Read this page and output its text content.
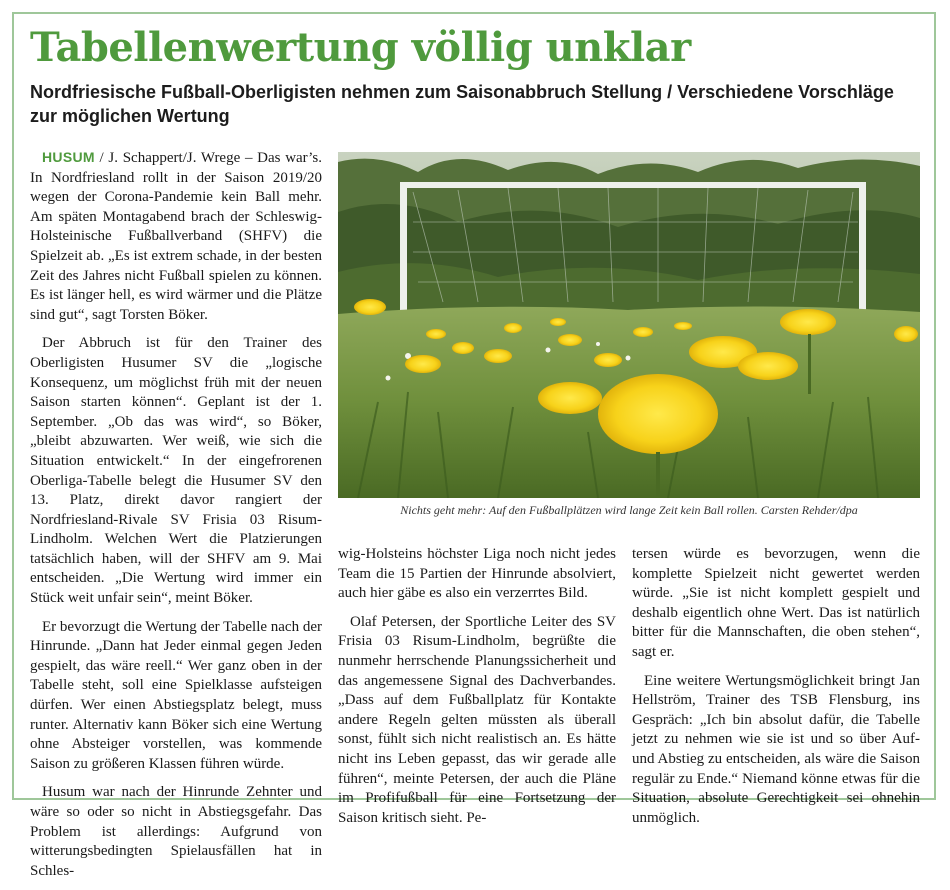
Tabellenwertung völlig unklar
Nordfriesische Fußball-Oberligisten nehmen zum Saisonabbruch Stellung / Verschiedene Vorschläge zur möglichen Wertung

HUSUM / J. Schappert/J. Wrege – Das war’s. In Nordfriesland rollt in der Saison 2019/20 wegen der Corona-Pandemie kein Ball mehr. Am späten Montagabend brach der Schleswig-Holsteinische Fußballverband (SHFV) die Spielzeit ab. „Es ist extrem schade, in der besten Zeit des Jahres nicht Fußball spielen zu können. Es ist länger hell, es wird wärmer und die Plätze sind gut“, sagt Torsten Böker.

Der Abbruch ist für den Trainer des Oberligisten Husumer SV die „logische Konsequenz, um möglichst früh mit der neuen Saison starten können“. Geplant ist der 1. September. „Ob das was wird“, so Böker, „bleibt abzuwarten. Wer weiß, wie sich die Situation entwickelt.“ In der eingefrorenen Oberliga-Tabelle belegt die Husumer SV den 13. Platz, direkt davor rangiert der Nordfriesland-Rivale SV Frisia 03 Risum-Lindholm. Welchen Wert die Platzierungen tatsächlich haben, will der SHFV am 9. Mai entscheiden. „Die Wertung wird immer ein Stück weit unfair sein“, meint Böker.

Er bevorzugt die Wertung der Tabelle nach der Hinrunde. „Dann hat Jeder einmal gegen Jeden gespielt, das wäre reell.“ Wer ganz oben in der Tabelle steht, soll eine Spielklasse aufsteigen dürfen. Wer einen Abstiegsplatz belegt, muss runter. Alternativ kann Böker sich eine Wertung ohne Absteiger vorstellen, was kommende Saison zu größeren Klassen führen würde.

Husum war nach der Hinrunde Zehnter und wäre so oder so nicht in Abstiegsgefahr. Das Problem ist allerdings: Aufgrund von witterungsbedingten Spielausfällen hat in Schles-

Nichts geht mehr: Auf den Fußballplätzen wird lange Zeit kein Ball rollen. Carsten Rehder/dpa

wig-Holsteins höchster Liga noch nicht jedes Team die 15 Partien der Hinrunde absolviert, auch hier gäbe es also ein verzerrtes Bild.

Olaf Petersen, der Sportliche Leiter des SV Frisia 03 Risum-Lindholm, begrüßte die nunmehr herrschende Planungssicherheit und das angemessene Signal des Dachverbandes. „Dass auf dem Fußballplatz für Kontakte andere Regeln gelten müssten als überall sonst, fühlt sich nicht realistisch an. Es hätte nicht ins Leben gepasst, das wir gerade alle führen“, meinte Petersen, der auch die Pläne im Profifußball für eine Fortsetzung der Saison kritisch sieht. Pe-

tersen würde es bevorzugen, wenn die komplette Spielzeit nicht gewertet werden würde. „Sie ist nicht komplett gespielt und deshalb eigentlich ohne Wert. Das ist natürlich bitter für die Mannschaften, die oben stehen“, sagt er.

Eine weitere Wertungsmöglichkeit bringt Jan Hellström, Trainer des TSB Flensburg, ins Gespräch: „Ich bin absolut dafür, die Tabelle jetzt zu nehmen wie sie ist und so über Auf- und Abstieg zu entscheiden, als wäre die Saison regulär zu Ende.“ Niemand könne etwas für die Situation, absolute Gerechtigkeit sei ohnehin unmöglich.
